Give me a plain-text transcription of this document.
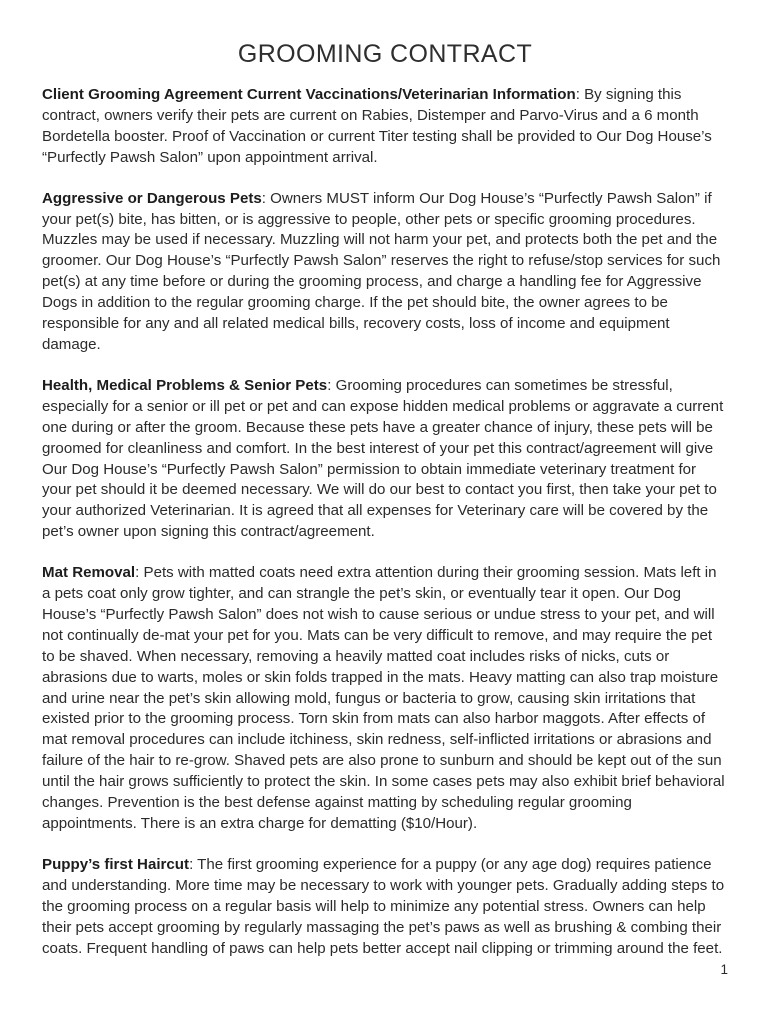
GROOMING CONTRACT

Client Grooming Agreement Current Vaccinations/Veterinarian Information: By signing this contract, owners verify their pets are current on Rabies, Distemper and Parvo-Virus and a 6 month Bordetella booster. Proof of Vaccination or current Titer testing shall be provided to Our Dog House’s “Purfectly Pawsh Salon” upon appointment arrival.

Aggressive or Dangerous Pets: Owners MUST inform Our Dog House’s “Purfectly Pawsh Salon” if your pet(s) bite, has bitten, or is aggressive to people, other pets or specific grooming procedures. Muzzles may be used if necessary. Muzzling will not harm your pet, and protects both the pet and the groomer. Our Dog House’s “Purfectly Pawsh Salon” reserves the right to refuse/stop services for such pet(s) at any time before or during the grooming process, and charge a handling fee for Aggressive Dogs in addition to the regular grooming charge. If the pet should bite, the owner agrees to be responsible for any and all related medical bills, recovery costs, loss of income and equipment damage.

Health, Medical Problems & Senior Pets: Grooming procedures can sometimes be stressful, especially for a senior or ill pet or pet and can expose hidden medical problems or aggravate a current one during or after the groom. Because these pets have a greater chance of injury, these pets will be groomed for cleanliness and comfort. In the best interest of your pet this contract/agreement will give Our Dog House’s “Purfectly Pawsh Salon” permission to obtain immediate veterinary treatment for your pet should it be deemed necessary. We will do our best to contact you first, then take your pet to your authorized Veterinarian. It is agreed that all expenses for Veterinary care will be covered by the pet’s owner upon signing this contract/agreement.

Mat Removal: Pets with matted coats need extra attention during their grooming session. Mats left in a pets coat only grow tighter, and can strangle the pet’s skin, or eventually tear it open. Our Dog House’s “Purfectly Pawsh Salon” does not wish to cause serious or undue stress to your pet, and will not continually de-mat your pet for you. Mats can be very difficult to remove, and may require the pet to be shaved. When necessary, removing a heavily matted coat includes risks of nicks, cuts or abrasions due to warts, moles or skin folds trapped in the mats. Heavy matting can also trap moisture and urine near the pet’s skin allowing mold, fungus or bacteria to grow, causing skin irritations that existed prior to the grooming process. Torn skin from mats can also harbor maggots. After effects of mat removal procedures can include itchiness, skin redness, self-inflicted irritations or abrasions and failure of the hair to re-grow. Shaved pets are also prone to sunburn and should be kept out of the sun until the hair grows sufficiently to protect the skin. In some cases pets may also exhibit brief behavioral changes. Prevention is the best defense against matting by scheduling regular grooming appointments. There is an extra charge for dematting ($10/Hour).

Puppy’s first Haircut: The first grooming experience for a puppy (or any age dog) requires patience and understanding. More time may be necessary to work with younger pets. Gradually adding steps to the grooming process on a regular basis will help to minimize any potential stress. Owners can help their pets accept grooming by regularly massaging the pet’s paws as well as brushing & combing their coats. Frequent handling of paws can help pets better accept nail clipping or trimming around the feet.

1
